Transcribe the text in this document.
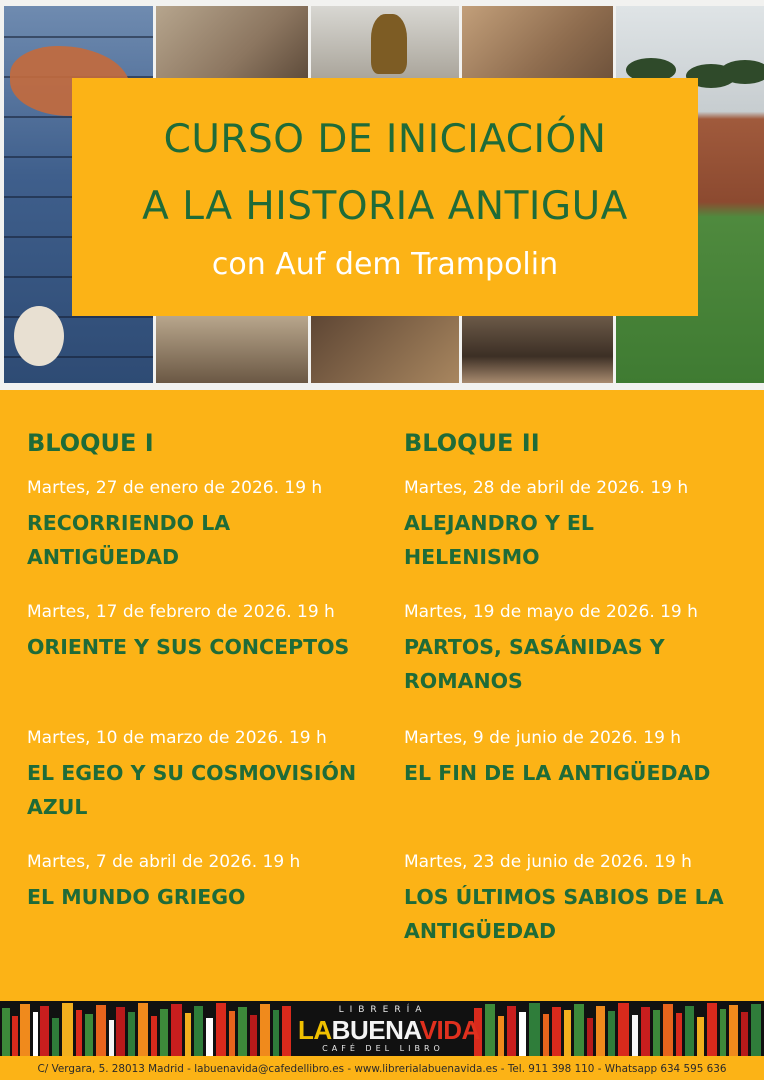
CURSO DE INICIACIÓN
A LA HISTORIA ANTIGUA
con Auf dem Trampolin
BLOQUE I
Martes, 27 de enero de 2026. 19 h
RECORRIENDO LA ANTIGÜEDAD
Martes, 17 de febrero de 2026. 19 h
ORIENTE Y SUS CONCEPTOS
Martes, 10 de marzo de 2026. 19 h
EL EGEO Y SU COSMOVISIÓN AZUL
Martes, 7 de abril de 2026. 19 h
EL MUNDO GRIEGO
BLOQUE II
Martes, 28 de abril de 2026. 19 h
ALEJANDRO Y EL HELENISMO
Martes, 19 de mayo de 2026. 19 h
PARTOS, SASÁNIDAS Y ROMANOS
Martes, 9 de junio de 2026. 19 h
EL FIN DE LA ANTIGÜEDAD
Martes, 23 de junio de 2026. 19 h
LOS ÚLTIMOS SABIOS DE LA ANTIGÜEDAD
LIBRERÍA
LABUENAVIDA
CAFÉ DEL LIBRO
C/ Vergara, 5. 28013 Madrid - labuenavida@cafedellibro.es - www.librerialabuenavida.es - Tel. 911 398 110 - Whatsapp 634 595 636
